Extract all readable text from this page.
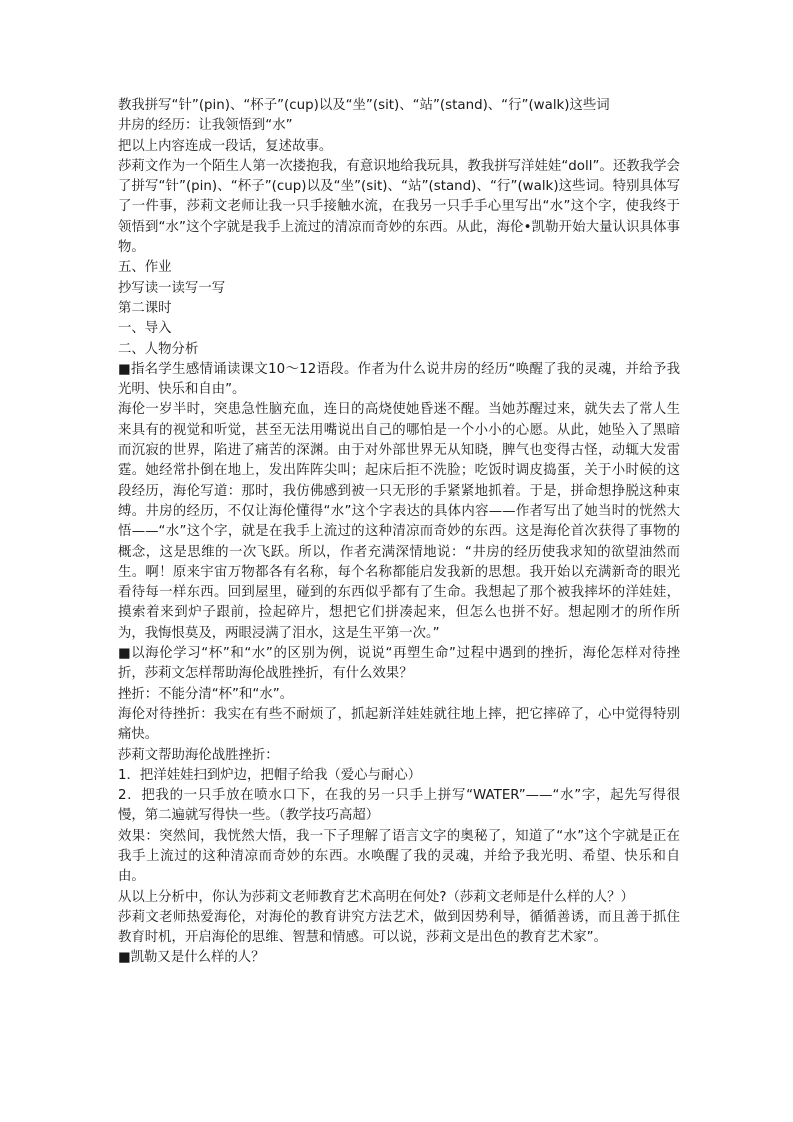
教我拼写“针”(pin)、“杯子”(cup)以及“坐”(sit)、“站”(stand)、“行”(walk)这些词

井房的经历：让我领悟到“水”

把以上内容连成一段话，复述故事。

莎莉文作为一个陌生人第一次搂抱我，有意识地给我玩具，教我拼写洋娃娃“doll”。还教我学会了拼写“针”(pin)、“杯子”(cup)以及“坐”(sit)、“站”(stand)、“行”(walk)这些词。特别具体写了一件事，莎莉文老师让我一只手接触水流，在我另一只手手心里写出“水”这个字，使我终于领悟到“水”这个字就是我手上流过的清凉而奇妙的东西。从此，海伦•凯勒开始大量认识具体事物。

五、作业

抄写读一读写一写

第二课时

一、导入

二、人物分析

■指名学生感情诵读课文10～12语段。作者为什么说井房的经历“唤醒了我的灵魂，并给予我光明、快乐和自由”。

海伦一岁半时，突患急性脑充血，连日的高烧使她昏迷不醒。当她苏醒过来，就失去了常人生来具有的视觉和听觉，甚至无法用嘴说出自己的哪怕是一个小小的心愿。从此，她坠入了黑暗而沉寂的世界，陷进了痛苦的深渊。由于对外部世界无从知晓，脾气也变得古怪，动辄大发雷霆。她经常扑倒在地上，发出阵阵尖叫；起床后拒不洗脸；吃饭时调皮捣蛋，关于小时候的这段经历，海伦写道：那时，我仿佛感到被一只无形的手紧紧地抓着。于是，拼命想挣脱这种束缚。井房的经历，不仅让海伦懂得“水”这个字表达的具体内容——作者写出了她当时的恍然大悟——“水”这个字，就是在我手上流过的这种清凉而奇妙的东西。这是海伦首次获得了事物的概念，这是思维的一次飞跃。所以，作者充满深情地说：“井房的经历使我求知的欲望油然而生。啊！原来宇宙万物都各有名称，每个名称都能启发我新的思想。我开始以充满新奇的眼光看待每一样东西。回到屋里，碰到的东西似乎都有了生命。我想起了那个被我摔坏的洋娃娃，摸索着来到炉子跟前，捡起碎片，想把它们拼凑起来，但怎么也拼不好。想起刚才的所作所为，我悔恨莫及，两眼浸满了泪水，这是生平第一次。”

■以海伦学习“杯”和“水”的区别为例，说说“再塑生命”过程中遇到的挫折，海伦怎样对待挫折，莎莉文怎样帮助海伦战胜挫折，有什么效果？

挫折：不能分清“杯”和“水”。

海伦对待挫折：我实在有些不耐烦了，抓起新洋娃娃就往地上摔，把它摔碎了，心中觉得特别痛快。

莎莉文帮助海伦战胜挫折：

1．把洋娃娃扫到炉边，把帽子给我（爱心与耐心）

2．把我的一只手放在喷水口下，在我的另一只手上拼写“WATER”——“水”字，起先写得很慢，第二遍就写得快一些。（教学技巧高超）

效果：突然间，我恍然大悟，我一下子理解了语言文字的奥秘了，知道了“水”这个字就是正在我手上流过的这种清凉而奇妙的东西。水唤醒了我的灵魂，并给予我光明、希望、快乐和自由。

从以上分析中，你认为莎莉文老师教育艺术高明在何处?（莎莉文老师是什么样的人？）

莎莉文老师热爱海伦，对海伦的教育讲究方法艺术，做到因势利导，循循善诱，而且善于抓住教育时机，开启海伦的思维、智慧和情感。可以说，莎莉文是出色的教育艺术家”。

■凯勒又是什么样的人？
